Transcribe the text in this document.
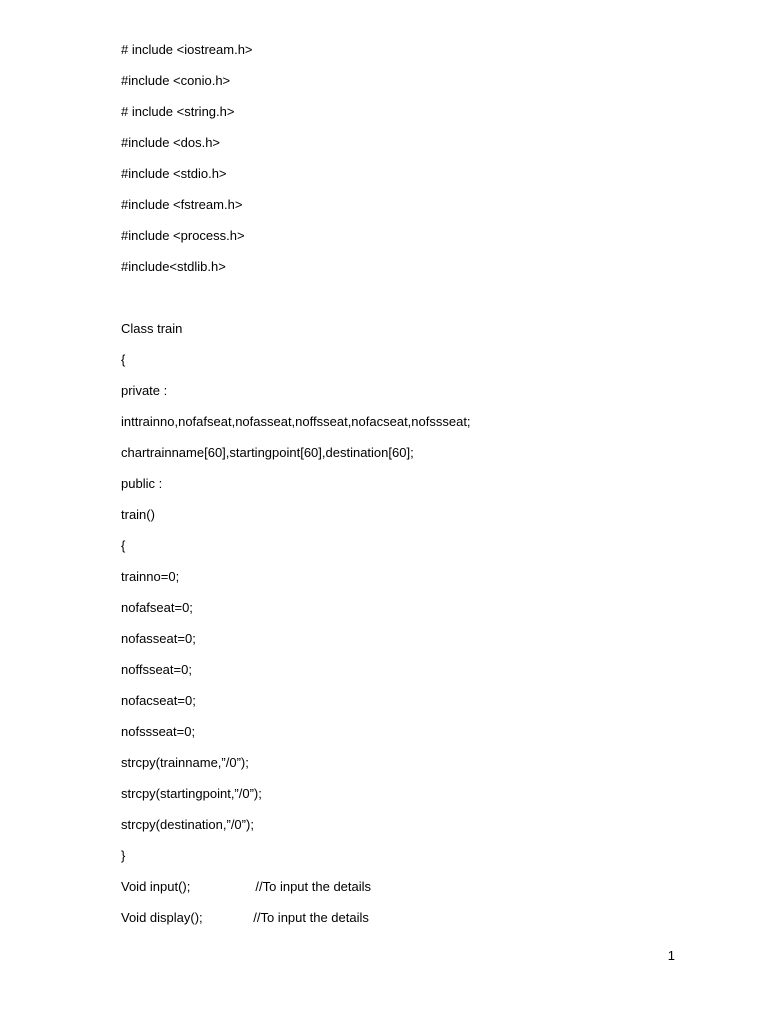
# include <iostream.h>
#include <conio.h>
# include <string.h>
#include <dos.h>
#include <stdio.h>
#include <fstream.h>
#include <process.h>
#include<stdlib.h>
Class train
{
private :
inttrainno,nofafseat,nofasseat,noffsseat,nofacseat,nofssseat;
chartrainname[60],startingpoint[60],destination[60];
public :
train()
{
trainno=0;
nofafseat=0;
nofasseat=0;
noffsseat=0;
nofacseat=0;
nofssseat=0;
strcpy(trainname,”/0”);
strcpy(startingpoint,”/0”);
strcpy(destination,”/0”);
}
Void input();	//To input the details
Void display();	//To input the details
1
